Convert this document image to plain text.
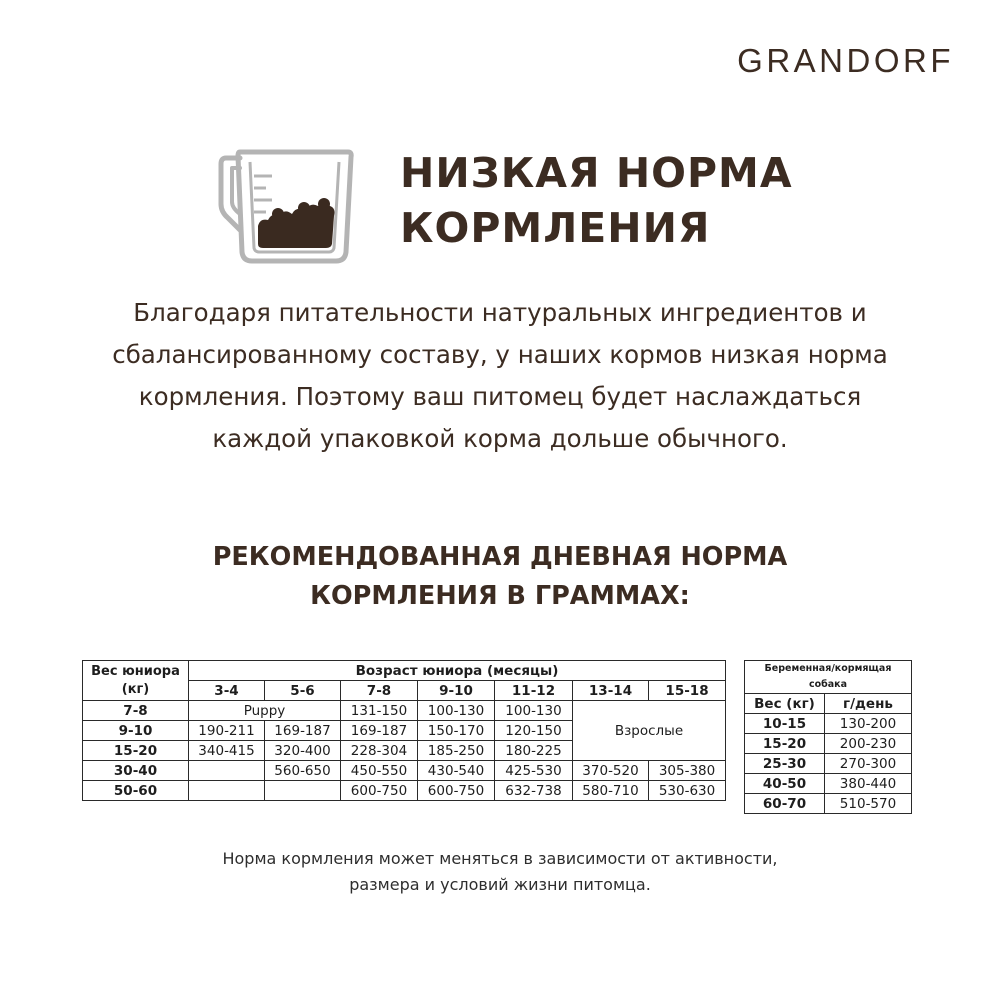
GRANDORF
НИЗКАЯ НОРМА
КОРМЛЕНИЯ
Благодаря питательности натуральных ингредиентов и
сбалансированному составу, у наших кормов низкая норма
кормления. Поэтому ваш питомец будет наслаждаться
каждой упаковкой корма дольше обычного.
РЕКОМЕНДОВАННАЯ ДНЕВНАЯ НОРМА
КОРМЛЕНИЯ В ГРАММАХ:
Вес юниора (кг)	Возраст юниора (месяцы)						
	3-4	5-6	7-8	9-10	11-12	13-14	15-18
7-8	Puppy		131-150	100-130	100-130	Взрослые	
9-10	190-211	169-187	169-187	150-170	120-150		
15-20	340-415	320-400	228-304	185-250	180-225		
30-40		560-650	450-550	430-540	425-530	370-520	305-380
50-60			600-750	600-750	632-738	580-710	530-630
Беременная/кормящая собака	
Вес (кг)	г/день
10-15	130-200
15-20	200-230
25-30	270-300
40-50	380-440
60-70	510-570
Норма кормления может меняться в зависимости от активности,
размера и условий жизни питомца.
